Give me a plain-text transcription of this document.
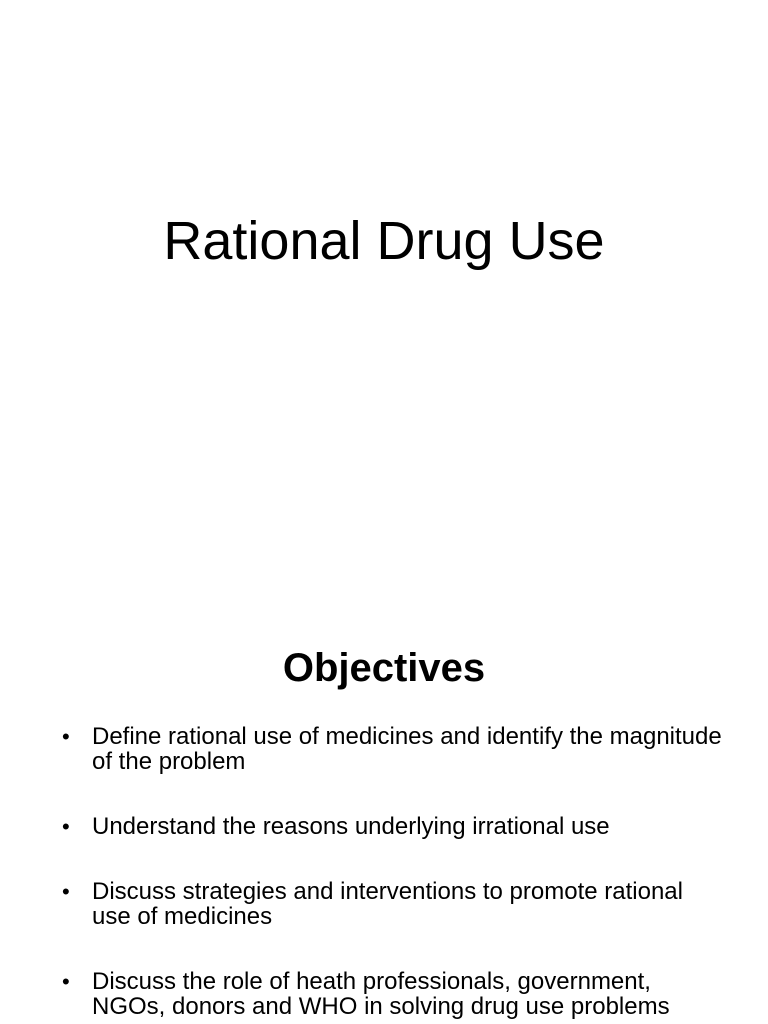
Rational Drug Use
Objectives
• Define rational use of medicines and identify the magnitude of the problem
• Understand the reasons underlying irrational use
• Discuss strategies and interventions to promote rational use of medicines
• Discuss the role of heath professionals, government, NGOs, donors and WHO in solving drug use problems
